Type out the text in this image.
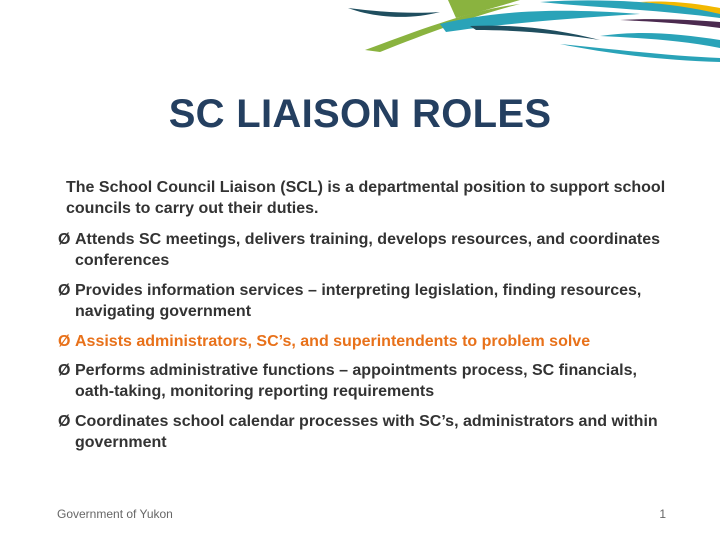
SC LIAISON ROLES
The School Council Liaison (SCL) is a departmental position to support school councils to carry out their duties.
Ø Attends SC meetings, delivers training, develops resources, and coordinates conferences
Ø Provides information services – interpreting legislation, finding resources, navigating government
Ø Assists administrators, SC’s, and superintendents to problem solve
Ø Performs administrative functions – appointments process, SC financials, oath-taking, monitoring reporting requirements
Ø Coordinates school calendar processes with SC’s, administrators and within government
Government of Yukon	1
